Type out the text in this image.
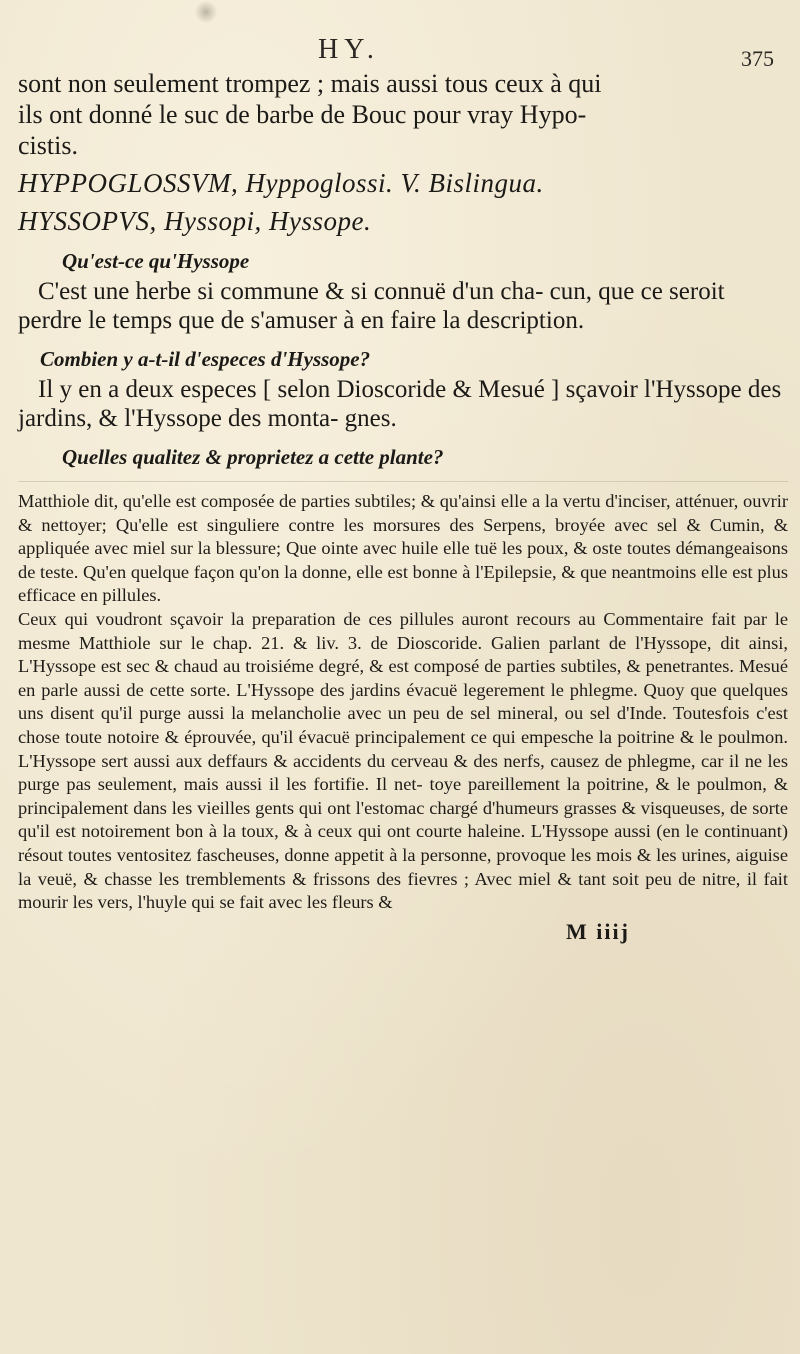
HY.	375

sont non seulement trompez ; mais aussi tous ceux à qui

ils ont donné le suc de barbe de Bouc pour vray Hypo-

cistis.

HYPPOGLOSSVM, Hyppoglossi. V. Bislingua.

HYSSOPVS, Hyssopi, Hyssope.

Qu'est-ce qu'Hyssope

C'est une herbe si commune & si connuë d'un cha- cun, que ce seroit perdre le temps que de s'amuser à en faire la description.

Combien y a-t-il d'especes d'Hyssope?

Il y en a deux especes [ selon Dioscoride & Mesué ] sçavoir l'Hyssope des jardins, & l'Hyssope des monta- gnes.

Quelles qualitez & proprietez a cette plante?

Matthiole dit, qu'elle est composée de parties subtiles; & qu'ainsi elle a la vertu d'inciser, atténuer, ouvrir & nettoyer; Qu'elle est singuliere contre les morsures des Serpens, broyée avec sel & Cumin, & appliquée avec miel sur la blessure; Que ointe avec huile elle tuë les poux, & oste toutes démangeaisons de teste. Qu'en quelque façon qu'on la donne, elle est bonne à l'Epilepsie, & que neantmoins elle est plus efficace en pillules.

Ceux qui voudront sçavoir la preparation de ces pillules auront recours au Commentaire fait par le mesme Matthiole sur le chap. 21. & liv. 3. de Dioscoride. Galien parlant de l'Hyssope, dit ainsi, L'Hyssope est sec & chaud au troisiéme degré, & est composé de parties subtiles, & penetrantes. Mesué en parle aussi de cette sorte. L'Hyssope des jardins évacuë legerement le phlegme. Quoy que quelques uns disent qu'il purge aussi la melancholie avec un peu de sel mineral, ou sel d'Inde. Toutesfois c'est chose toute notoire & éprouvée, qu'il évacuë principalement ce qui empesche la poitrine & le poulmon. L'Hyssope sert aussi aux deffaurs & accidents du cerveau & des nerfs, causez de phlegme, car il ne les purge pas seulement, mais aussi il les fortifie. Il net- toye pareillement la poitrine, & le poulmon, & principalement dans les vieilles gents qui ont l'estomac chargé d'humeurs grasses & visqueuses, de sorte qu'il est notoirement bon à la toux, & à ceux qui ont courte haleine. L'Hyssope aussi (en le continuant) résout toutes ventositez fascheuses, donne appetit à la personne, provoque les mois & les urines, aiguise la veuë, & chasse les tremblements & frissons des fievres ; Avec miel & tant soit peu de nitre, il fait mourir les vers, l'huyle qui se fait avec les fleurs &

M iiij
